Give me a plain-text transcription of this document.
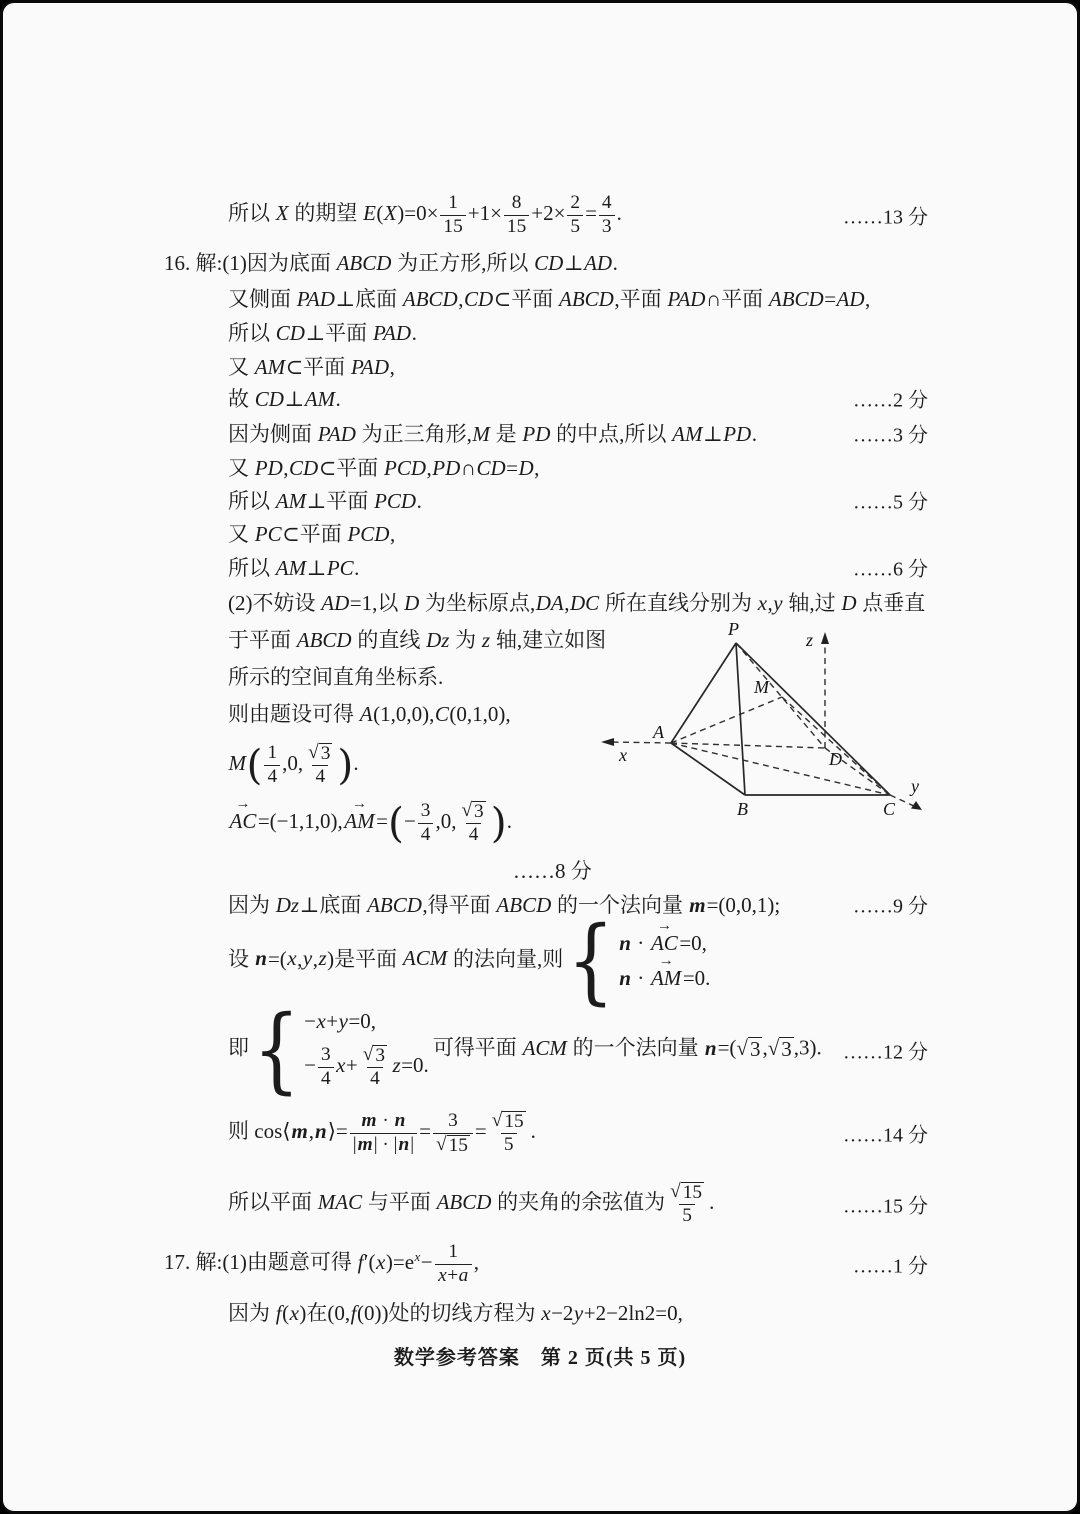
所以 X 的期望 $E(X)=0\times \frac{1}{15} +1\times \frac{8}{15} +2\times \frac{2}{5} = \frac{4}{3}$ .	……13 分
16. 解:(1)因为底面 ABCD 为正方形,所以 CD⊥AD.
又侧面 PAD⊥底面 ABCD,CD⊂平面 ABCD,平面 PAD∩平面 ABCD=AD,
所以 CD⊥平面 PAD.
又 AM⊂平面 PAD,
故 CD⊥AM.	……2 分
因为侧面 PAD 为正三角形,M 是 PD 的中点,所以 AM⊥PD.	……3 分
又 PD,CD⊂平面 PCD,PD∩CD=D,
所以 AM⊥平面 PCD.	……5 分
又 PC⊂平面 PCD,
所以 AM⊥PC.	……6 分
(2)不妨设 AD=1,以 D 为坐标原点,DA,DC 所在直线分别为 x,y 轴,过 D 点垂直
于平面 ABCD 的直线 Dz 为 z 轴,建立如图
所示的空间直角坐标系.
则由题设可得 A(1,0,0),C(0,1,0),
$M( \frac{1}{4} ,0$, $\frac{√ 3}{4}$ ).
→
AC=(−1,1,0),
→
$AM=(- \frac{3}{4} ,0$, $\frac{√ 3}{4}$ ).
……8 分
因为 Dz⊥底面 ABCD,得平面 ABCD 的一个法向量 m=(0,0,1);	……9 分
设 n=(x,y,z)是平面 ACM 的法向量,则 { n ·
→
AC=0,
n ·
→
AM=0.
即 { −x+y=0,
− $\frac{3}{4} x+ \frac{√ 3}{4} z=0$.
可得平面 ACM 的一个法向量 n=( √ 3 , √ 3 ,3). ……12 分
则 cos⟨m,n⟩= $\frac{m \cdot n}{|m| \cdot |n|} = \frac{3}{√ 15} = \frac{√ 15}{5}$ .	……14 分
所以平面 MAC 与平面 ABCD 的夹角的余弦值为 $\frac{√ 15}{5}$ .	……15 分
17. 解:(1)由题意可得 $f'(x)=e^x- \frac{1}{x+a}$ ,	……1 分
因为 f(x)在(0,f(0))处的切线方程为 x−2y+2−2ln2=0,
P
A
B	C
D
M
x
y
z
数学参考答案　第 2 页(共 5 页)
